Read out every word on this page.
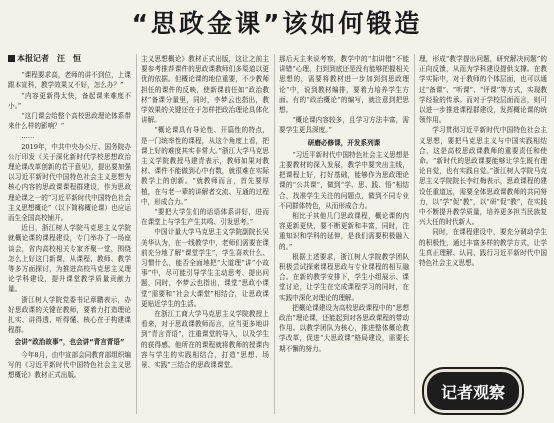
“思政金课”该如何锻造

本报记者　汪　恒

“课程要求高，老师的讲不到位，上课跟本宣科，教学效果又不好，怎么办？”

“内容更新得太快，备起课来难度不小。”

“这门课会给整个高校思政理论体系带来什么样的影响？”

……

2019年，中共中央办公厅、国务院办公厅印发《关于深化新时代学校思想政治理论课改革创新的若干意见》，提出要加强以习近平新时代中国特色社会主义思想为核心内容的思政课课程群建设，作为思政理论课之一的“习近平新时代中国特色社会主义思想概论”（以下简称概论课）也应运而生全国高校铺开。

近日，浙江树人学院马克思主义学院就概论课的课程建设，专门举办了一场座谈会，省内高校相关专家齐聚一堂，围绕怎么上好这门新课，从课程、教师、教学等多方面探讨，为推进高校马克思主义理论学科建设，提升课堂教学质量贡献力量。

浙江树人学院党委书记章鹏表示，办好思政课的关键在教师，要着力打造理论扎实、讲得透、听得懂、核心在于构建课程群。

会讲“政治故事”，也会讲“青言青语”

今年8月，由中宣部会同教育部组织编写的《习近平新时代中国特色社会主义思想概论》教材正式出版。

主义思想概论》教材正式出版，这让之前主要参考推荐课件的思政课教师们多渠道以更优的依据。但概论课的地位重要，不少教师担任的课件的反映，使新课前任如“政治教材”备课分量里，同时，李梦云也指出，教学效果的关键还在于怎样把政治理论具体化讲解。

“概论课具有导论性、开篇性的特点，是一门统率性的课程，从这个角度上看，把课上好的难度其实非常大。”浙江大学马克思主义学院教授马建青表示，教师如果对教材、课件不能做到心中有数，就很难在实际教学上的创新。“就教师而言，首先要厚植，在与老一辈的讲解者交流、互通的过程中，形成合力。”

“要把大学生们的话语体系讲好，进而在课堂上与学生产生共鸣、引发思考。”

中国计量大学马克思主义学院副院长吴美华认为，在一线教学中，老师们需要在课前充分地了解“课堂学生”，学生喜欢什么、习惯什么，能否全面地把“大道理”讲“小故事”中，尽可能引导学生主动思考、提出问题，同时，李梦云也指出，课堂“思政小课堂”需要和“社会大课堂”相结合，让思政课更贴近学生的生活。

在浙江工商大学马克思主义学院教授上看来，对于思政课教师而言，应当更多地讲到“青言青语”，注重课堂的导入，以及学生的获得感。他所在的课程就将教师的授课内容与学生的实践相结合，打造“思想、场景、实践”三结合的思政课课堂。

那后天主来说考察，教学中的“扣讲错”不能讲错“心理，扫到到底还是没有能够把握相关思想的，需要将教材进一步加到到思政理论”中，说到教材编排，要着力培养学生方面。有的“政治概论”的编写，就注意到把思想。

“概论课内容较多，且学习方法丰富，需要学生更具深度。”

研磨必修课，开发系列课

“习近平新时代中国特色社会主义思想是主要教材的深入发展，教学中要突出主线，把课程上好，打好基础，能够作为思政理论课的“公共课”，做到“学、思、践、悟”相结合，找准学生关注的问题点，做到不同专业不同群体特色，从而形成合力。

相比于其他几门思政课程，概论课的内容更新更快，要不断更新和丰富，同时，注重知识和学科的延伸，是我们需要积极融入的。”

根据上述要求，浙江树人学院教学团队积极尝试探索课程思政与专业课程的相互融合。在新的教学安排下，学生小组展示、课堂讨论，让学生在完成课程学习的同时，在实践中深化对理论的理解。

把概论课建设为高校思政课程中的“思想政治”理论课，还能起到对各思政课程的带动作用。以教学团队为核心，推进整体概论教学改革，促进“大思政课”格局建设，需要长期不懈的努力。

理，形成“教学提出问题，研究解决问题”的正向反馈，从而为学科建设提供支撑。在教学实际中，对于教师的个体层面，也可以通过“备课”、“听课”、“评课”等方式，实现教学经验的传承。而对于学校层面而言，则可以进一步推进课程群建设，发挥概论课的统领作用。

学习贯彻习近平新时代中国特色社会主义思想，要把马克思主义与中国实践相结合，这是高校思政课教师的重要责任和使命。“新时代的思政课要能够让学生既有理论自觉，也有实践自觉。”浙江树人学院马克思主义学院院长李红梅表示，思政课程的建设任重道远，需要全体思政课教师的共同努力，以“学”促“教”，以“研”促“教”，在实践中不断提升教学质量，培养更多担当民族复兴大任的时代新人。

同时，在课程建设中，要充分调动学生的积极性，通过丰富多样的教学方式，让学生真正理解、认同、践行习近平新时代中国特色社会主义思想。

记者观察
